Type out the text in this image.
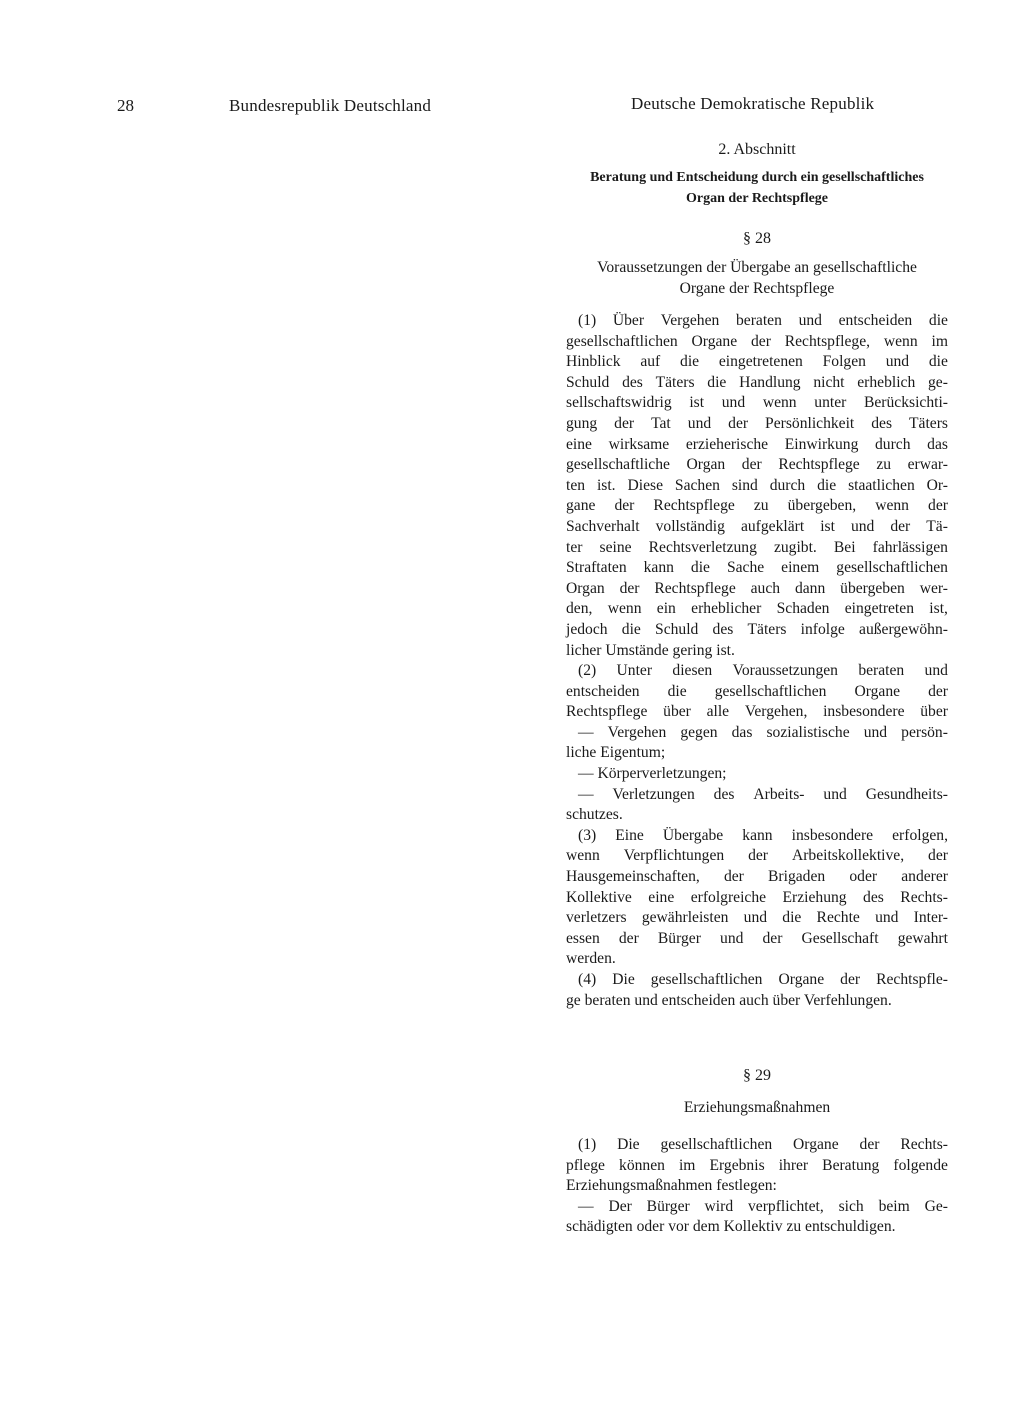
28	Bundesrepublik Deutschland	Deutsche Demokratische Republik
2. Abschnitt
Beratung und Entscheidung durch ein gesellschaftliches
Organ der Rechtspflege
§ 28
Voraussetzungen der Übergabe an gesellschaftliche
Organe der Rechtspflege
(1) Über Vergehen beraten und entscheiden die
gesellschaftlichen Organe der Rechtspflege, wenn im
Hinblick auf die eingetretenen Folgen und die
Schuld des Täters die Handlung nicht erheblich ge-
sellschaftswidrig ist und wenn unter Berücksichti-
gung der Tat und der Persönlichkeit des Täters
eine wirksame erzieherische Einwirkung durch das
gesellschaftliche Organ der Rechtspflege zu erwar-
ten ist. Diese Sachen sind durch die staatlichen Or-
gane der Rechtspflege zu übergeben, wenn der
Sachverhalt vollständig aufgeklärt ist und der Tä-
ter seine Rechtsverletzung zugibt. Bei fahrlässigen
Straftaten kann die Sache einem gesellschaftlichen
Organ der Rechtspflege auch dann übergeben wer-
den, wenn ein erheblicher Schaden eingetreten ist,
jedoch die Schuld des Täters infolge außergewöhn-
licher Umstände gering ist.
(2) Unter diesen Voraussetzungen beraten und
entscheiden die gesellschaftlichen Organe der
Rechtspflege über alle Vergehen, insbesondere über
— Vergehen gegen das sozialistische und persön-
liche Eigentum;
— Körperverletzungen;
— Verletzungen des Arbeits- und Gesundheits-
schutzes.
(3) Eine Übergabe kann insbesondere erfolgen,
wenn Verpflichtungen der Arbeitskollektive, der
Hausgemeinschaften, der Brigaden oder anderer
Kollektive eine erfolgreiche Erziehung des Rechts-
verletzers gewährleisten und die Rechte und Inter-
essen der Bürger und der Gesellschaft gewahrt
werden.
(4) Die gesellschaftlichen Organe der Rechtspfle-
ge beraten und entscheiden auch über Verfehlungen.
§ 29
Erziehungsmaßnahmen
(1) Die gesellschaftlichen Organe der Rechts-
pflege können im Ergebnis ihrer Beratung folgende
Erziehungsmaßnahmen festlegen:
— Der Bürger wird verpflichtet, sich beim Ge-
schädigten oder vor dem Kollektiv zu entschuldigen.
